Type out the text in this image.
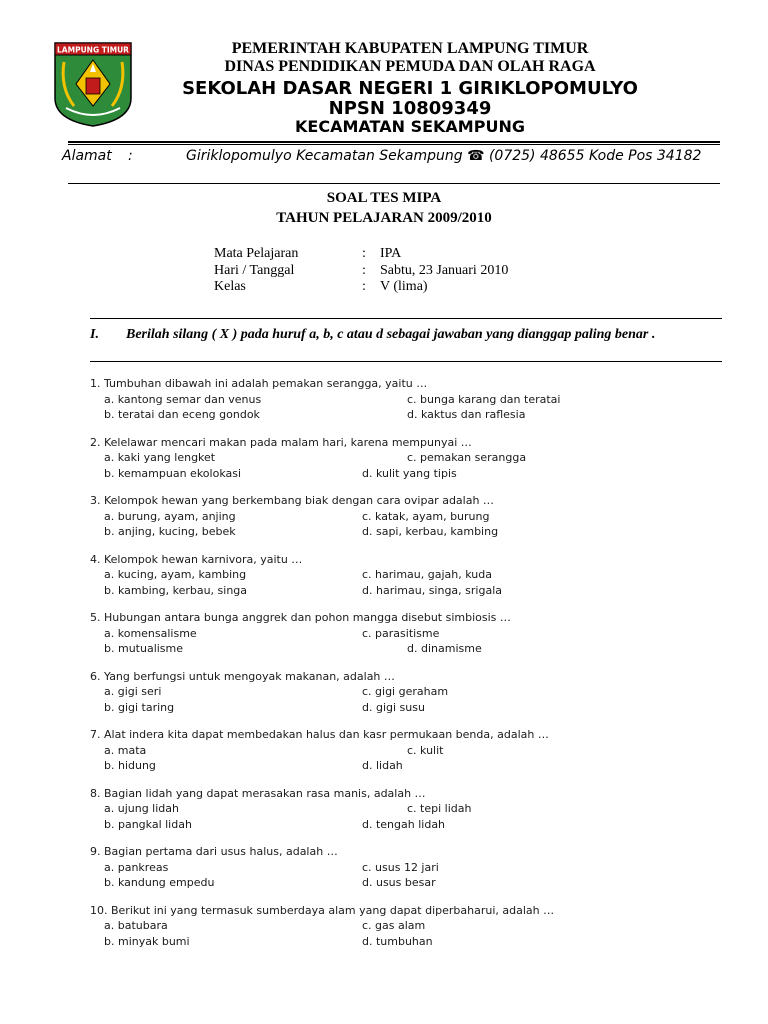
LAMPUNG TIMUR	PEMERINTAH KABUPATEN LAMPUNG TIMUR
DINAS PENDIDIKAN PEMUDA DAN OLAH RAGA
SEKOLAH DASAR NEGERI 1 GIRIKLOPOMULYO
NPSN 10809349
KECAMATAN SEKAMPUNG
Alamat :	Giriklopomulyo Kecamatan Sekampung ☎ (0725) 48655 Kode Pos 34182
SOAL TES MIPA
TAHUN PELAJARAN 2009/2010
Mata Pelajaran	:	IPA
Hari / Tanggal	:	Sabtu, 23 Januari 2010
Kelas	:	V (lima)
I. Berilah silang ( X ) pada huruf a, b, c atau d sebagai jawaban yang dianggap paling benar .
1. Tumbuhan dibawah ini adalah pemakan serangga, yaitu …
a. kantong semar dan venus
b. teratai dan eceng gondok
c. bunga karang dan teratai
d. kaktus dan raflesia
2. Kelelawar mencari makan pada malam hari, karena mempunyai …
a. kaki yang lengket
b. kemampuan ekolokasi
c. pemakan serangga
d. kulit yang tipis
3. Kelompok hewan yang berkembang biak dengan cara ovipar adalah …
a. burung, ayam, anjing
b. anjing, kucing, bebek
c. katak, ayam, burung
d. sapi, kerbau, kambing
4. Kelompok hewan karnivora, yaitu …
a. kucing, ayam, kambing
b. kambing, kerbau, singa
c. harimau, gajah, kuda
d. harimau, singa, srigala
5. Hubungan antara bunga anggrek dan pohon mangga disebut simbiosis …
a. komensalisme
b. mutualisme
c. parasitisme
d. dinamisme
6. Yang berfungsi untuk mengoyak makanan, adalah …
a. gigi seri
b. gigi taring
c. gigi geraham
d. gigi susu
7. Alat indera kita dapat membedakan halus dan kasr permukaan benda, adalah …
a. mata
b. hidung
c. kulit
d. lidah
8. Bagian lidah yang dapat merasakan rasa manis, adalah …
a. ujung lidah
b. pangkal lidah
c. tepi lidah
d. tengah lidah
9. Bagian pertama dari usus halus, adalah …
a. pankreas
b. kandung empedu
c. usus 12 jari
d. usus besar
10. Berikut ini yang termasuk sumberdaya alam yang dapat diperbaharui, adalah …
a. batubara
b. minyak bumi
c. gas alam
d. tumbuhan
